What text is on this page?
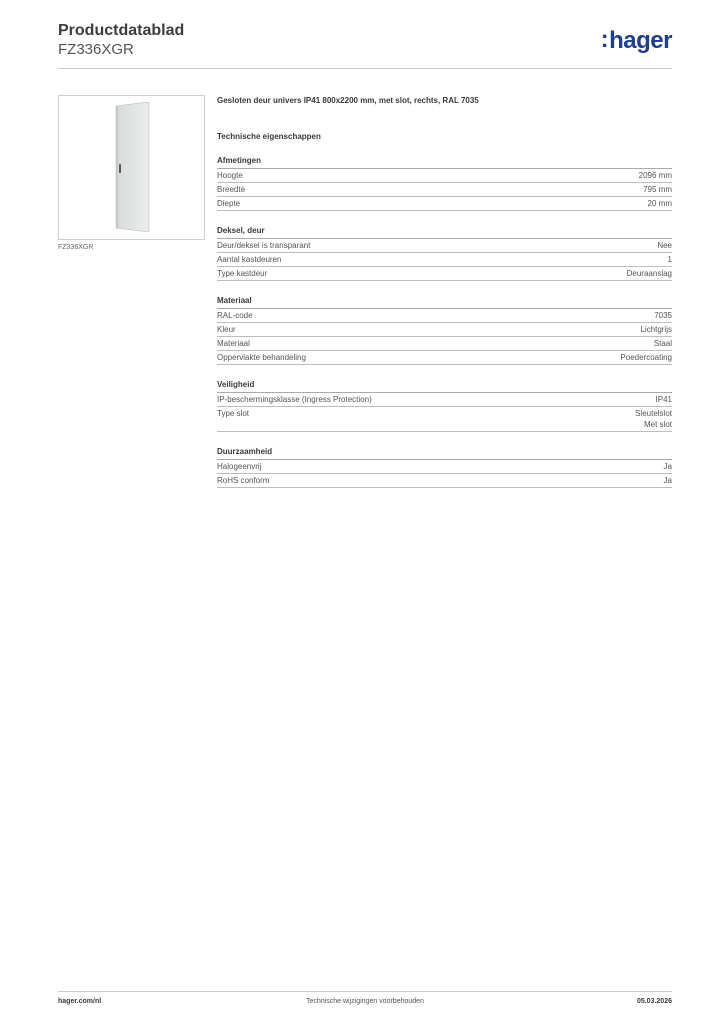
Productdatablad
FZ336XGR	:hager
FZ336XGR
Gesloten deur univers IP41 800x2200 mm, met slot, rechts, RAL 7035
Technische eigenschappen
Afmetingen
Hoogte	2096 mm
Breedte	795 mm
Diepte	20 mm
Deksel, deur
Deur/deksel is transparant	Nee
Aantal kastdeuren	1
Type kastdeur	Deuraanslag
Materiaal
RAL-code	7035
Kleur	Lichtgrijs
Materiaal	Staal
Oppervlakte behandeling	Poedercoating
Veiligheid
IP-beschermingsklasse (Ingress Protection)	IP41
Type slot	Sleutelslot
Met slot
Duurzaamheid
Halogeenvrij	Ja
RoHS conform	Ja
hager.com/nl	Technische wijzigingen voorbehouden	05.03.2026
